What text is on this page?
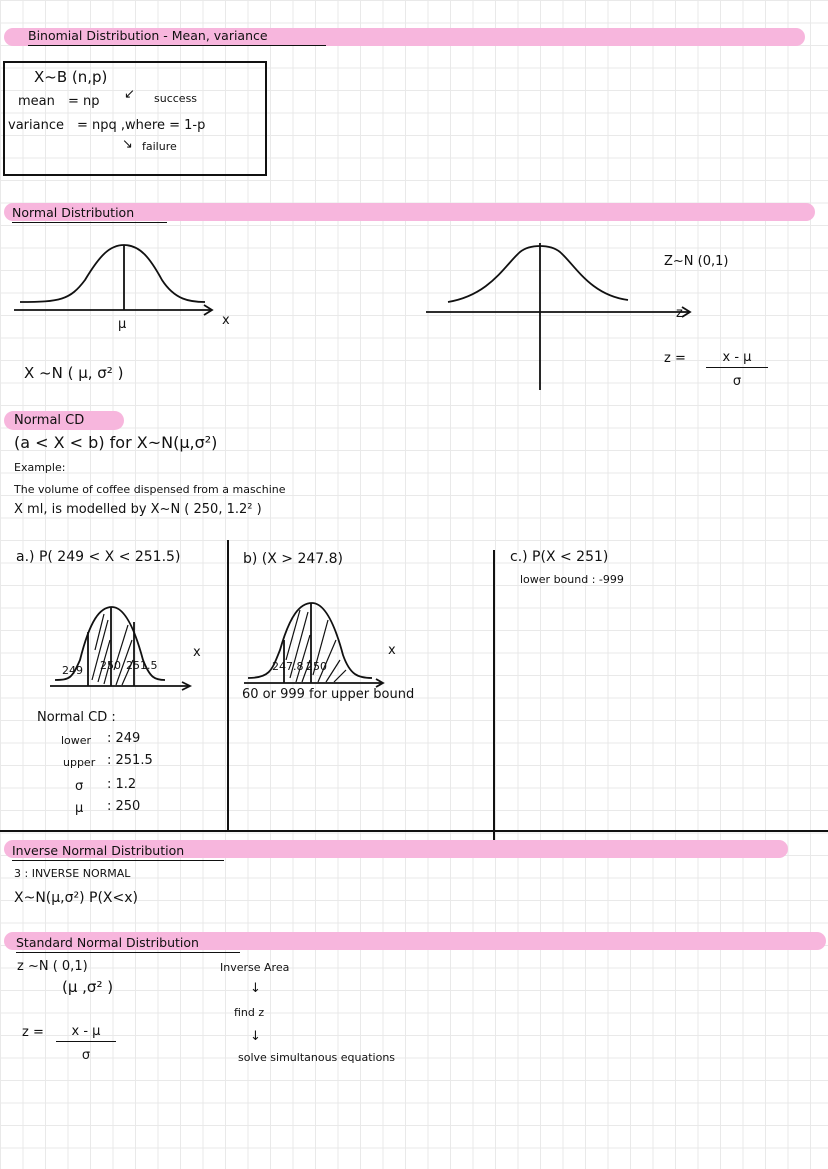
Binomial Distribution - Mean, variance
X~B (n,p)
mean = np ↙ success
variance = npq ,where = 1-p
↘ failure
Normal Distribution
μ	x
X ~N ( μ, σ² )
Z~N (0,1)
z
$z = \frac{x - \mu}{\sigma}$
Normal CD
(a < X < b) for X~N(μ,σ²)
Example:
The volume of coffee dispensed from a maschine
X ml, is modelled by X~N ( 250, 1.2² )
a.) P( 249 < X < 251.5)
249 250 251.5
x
Normal CD :
lower : 249
upper : 251.5
σ : 1.2
μ : 250
b) (X > 247.8)
247.8 250
x
60 or 999 for upper bound
c.) P(X < 251)
lower bound : -999
Inverse Normal Distribution
3 : INVERSE NORMAL
X~N(μ,σ²) P(X<x)
Standard Normal Distribution
z ~N ( 0,1)
(μ ,σ² )
$z = \frac{x - \mu}{\sigma}$
Inverse Area
↓
find z
↓
solve simultanous equations
